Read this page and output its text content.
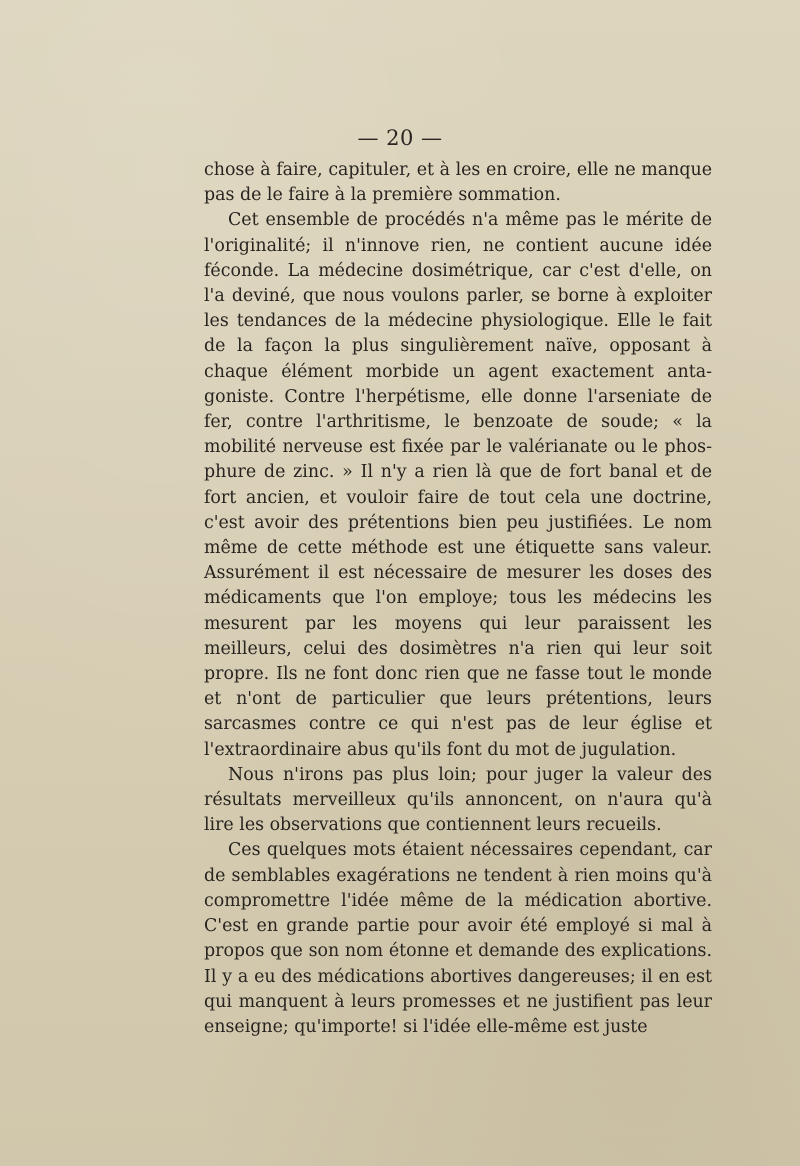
— 20 —

chose à faire, capituler, et à les en croire, elle ne manque pas de le faire à la première sommation.

Cet ensemble de procédés n'a même pas le mérite de l'originalité; il n'innove rien, ne contient aucune idée féconde. La médecine dosimétrique, car c'est d'elle, on l'a deviné, que nous voulons parler, se borne à exploiter les tendances de la médecine physiologique. Elle le fait de la façon la plus singulièrement naïve, opposant à chaque élément morbide un agent exactement antagoniste. Contre l'herpétisme, elle donne l'arseniate de fer, contre l'arthritisme, le benzoate de soude; « la mobilité nerveuse est fixée par le valérianate ou le phosphure de zinc. » Il n'y a rien là que de fort banal et de fort ancien, et vouloir faire de tout cela une doctrine, c'est avoir des prétentions bien peu justifiées. Le nom même de cette méthode est une étiquette sans valeur. Assurément il est nécessaire de mesurer les doses des médicaments que l'on employe; tous les médecins les mesurent par les moyens qui leur paraissent les meilleurs, celui des dosimètres n'a rien qui leur soit propre. Ils ne font donc rien que ne fasse tout le monde et n'ont de particulier que leurs prétentions, leurs sarcasmes contre ce qui n'est pas de leur église et l'extraordinaire abus qu'ils font du mot de jugulation.

Nous n'irons pas plus loin; pour juger la valeur des résultats merveilleux qu'ils annoncent, on n'aura qu'à lire les observations que contiennent leurs recueils.

Ces quelques mots étaient nécessaires cependant, car de semblables exagérations ne tendent à rien moins qu'à compromettre l'idée même de la médication abortive. C'est en grande partie pour avoir été employé si mal à propos que son nom étonne et demande des explications. Il y a eu des médications abortives dangereuses; il en est qui manquent à leurs promesses et ne justifient pas leur enseigne; qu'importe! si l'idée elle-même est juste
